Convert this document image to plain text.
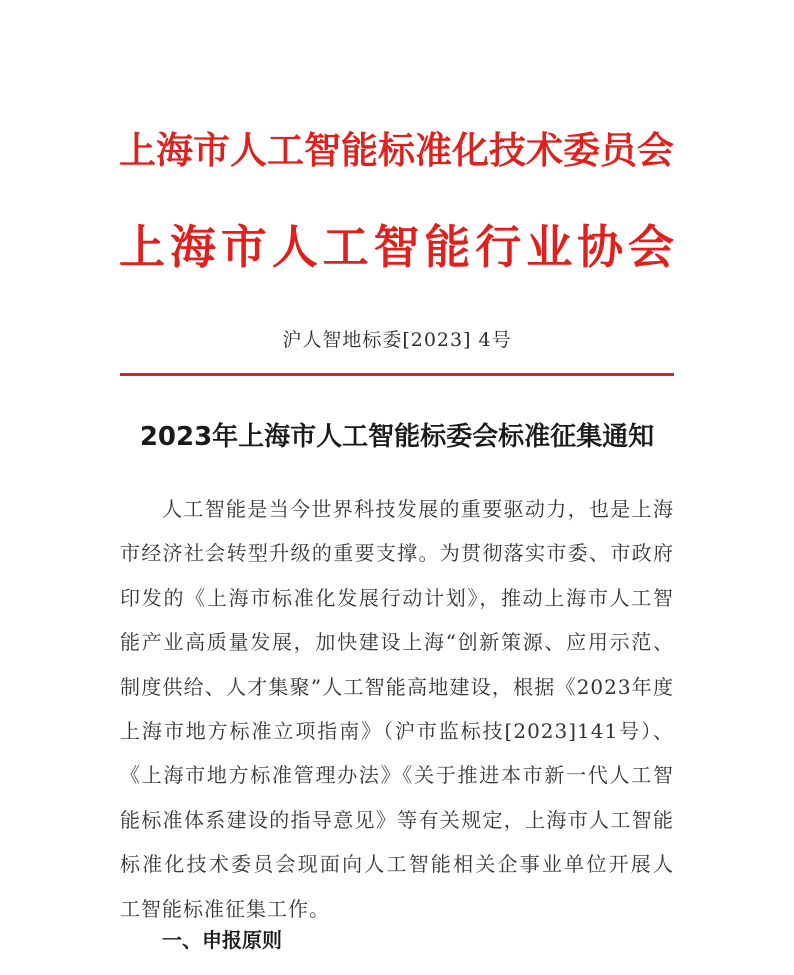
上海市人工智能标准化技术委员会
上海市人工智能行业协会
沪人智地标委[2023] 4号
2023年上海市人工智能标委会标准征集通知
人工智能是当今世界科技发展的重要驱动力，也是上海
市经济社会转型升级的重要支撑。为贯彻落实市委、市政府
印发的《上海市标准化发展行动计划》，推动上海市人工智
能产业高质量发展，加快建设上海“创新策源、应用示范、
制度供给、人才集聚”人工智能高地建设，根据《2023年度
上海市地方标准立项指南》（沪市监标技[2023]141号）、
《上海市地方标准管理办法》《关于推进本市新一代人工智
能标准体系建设的指导意见》等有关规定，上海市人工智能
标准化技术委员会现面向人工智能相关企事业单位开展人
工智能标准征集工作。
一、申报原则
